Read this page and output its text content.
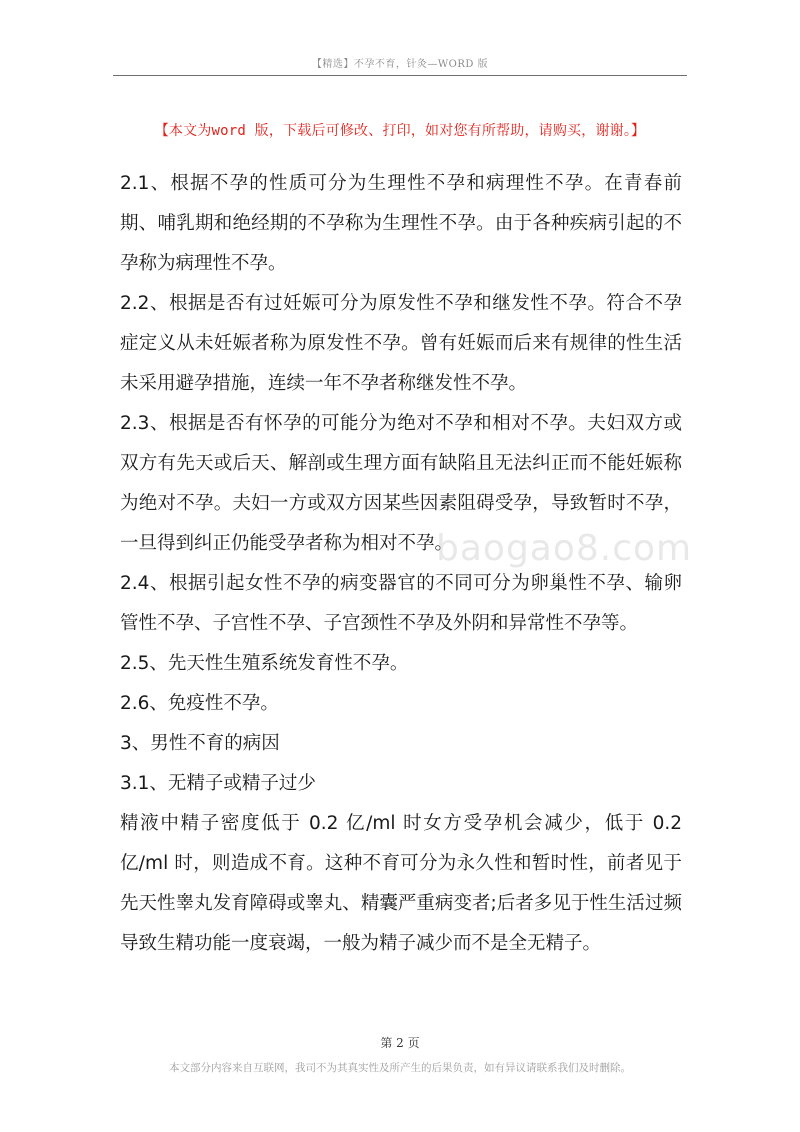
【精选】不孕不育，针灸—WORD 版
【本文为word 版，下载后可修改、打印，如对您有所帮助，请购买，谢谢。】

2.1、根据不孕的性质可分为生理性不孕和病理性不孕。在青春前期、哺乳期和绝经期的不孕称为生理性不孕。由于各种疾病引起的不孕称为病理性不孕。

2.2、根据是否有过妊娠可分为原发性不孕和继发性不孕。符合不孕症定义从未妊娠者称为原发性不孕。曾有妊娠而后来有规律的性生活未采用避孕措施，连续一年不孕者称继发性不孕。

2.3、根据是否有怀孕的可能分为绝对不孕和相对不孕。夫妇双方或双方有先天或后天、解剖或生理方面有缺陷且无法纠正而不能妊娠称为绝对不孕。夫妇一方或双方因某些因素阻碍受孕，导致暂时不孕，一旦得到纠正仍能受孕者称为相对不孕。

2.4、根据引起女性不孕的病变器官的不同可分为卵巢性不孕、输卵管性不孕、子宫性不孕、子宫颈性不孕及外阴和异常性不孕等。

2.5、先天性生殖系统发育性不孕。

2.6、免疫性不孕。

3、男性不育的病因

3.1、无精子或精子过少

精液中精子密度低于 0.2 亿/ml 时女方受孕机会减少，低于 0.2 亿/ml 时，则造成不育。这种不育可分为永久性和暂时性，前者见于先天性睾丸发育障碍或睾丸、精囊严重病变者;后者多见于性生活过频导致生精功能一度衰竭，一般为精子减少而不是全无精子。

baogao8.com
第 2 页
本文部分内容来自互联网，我司不为其真实性及所产生的后果负责，如有异议请联系我们及时删除。
